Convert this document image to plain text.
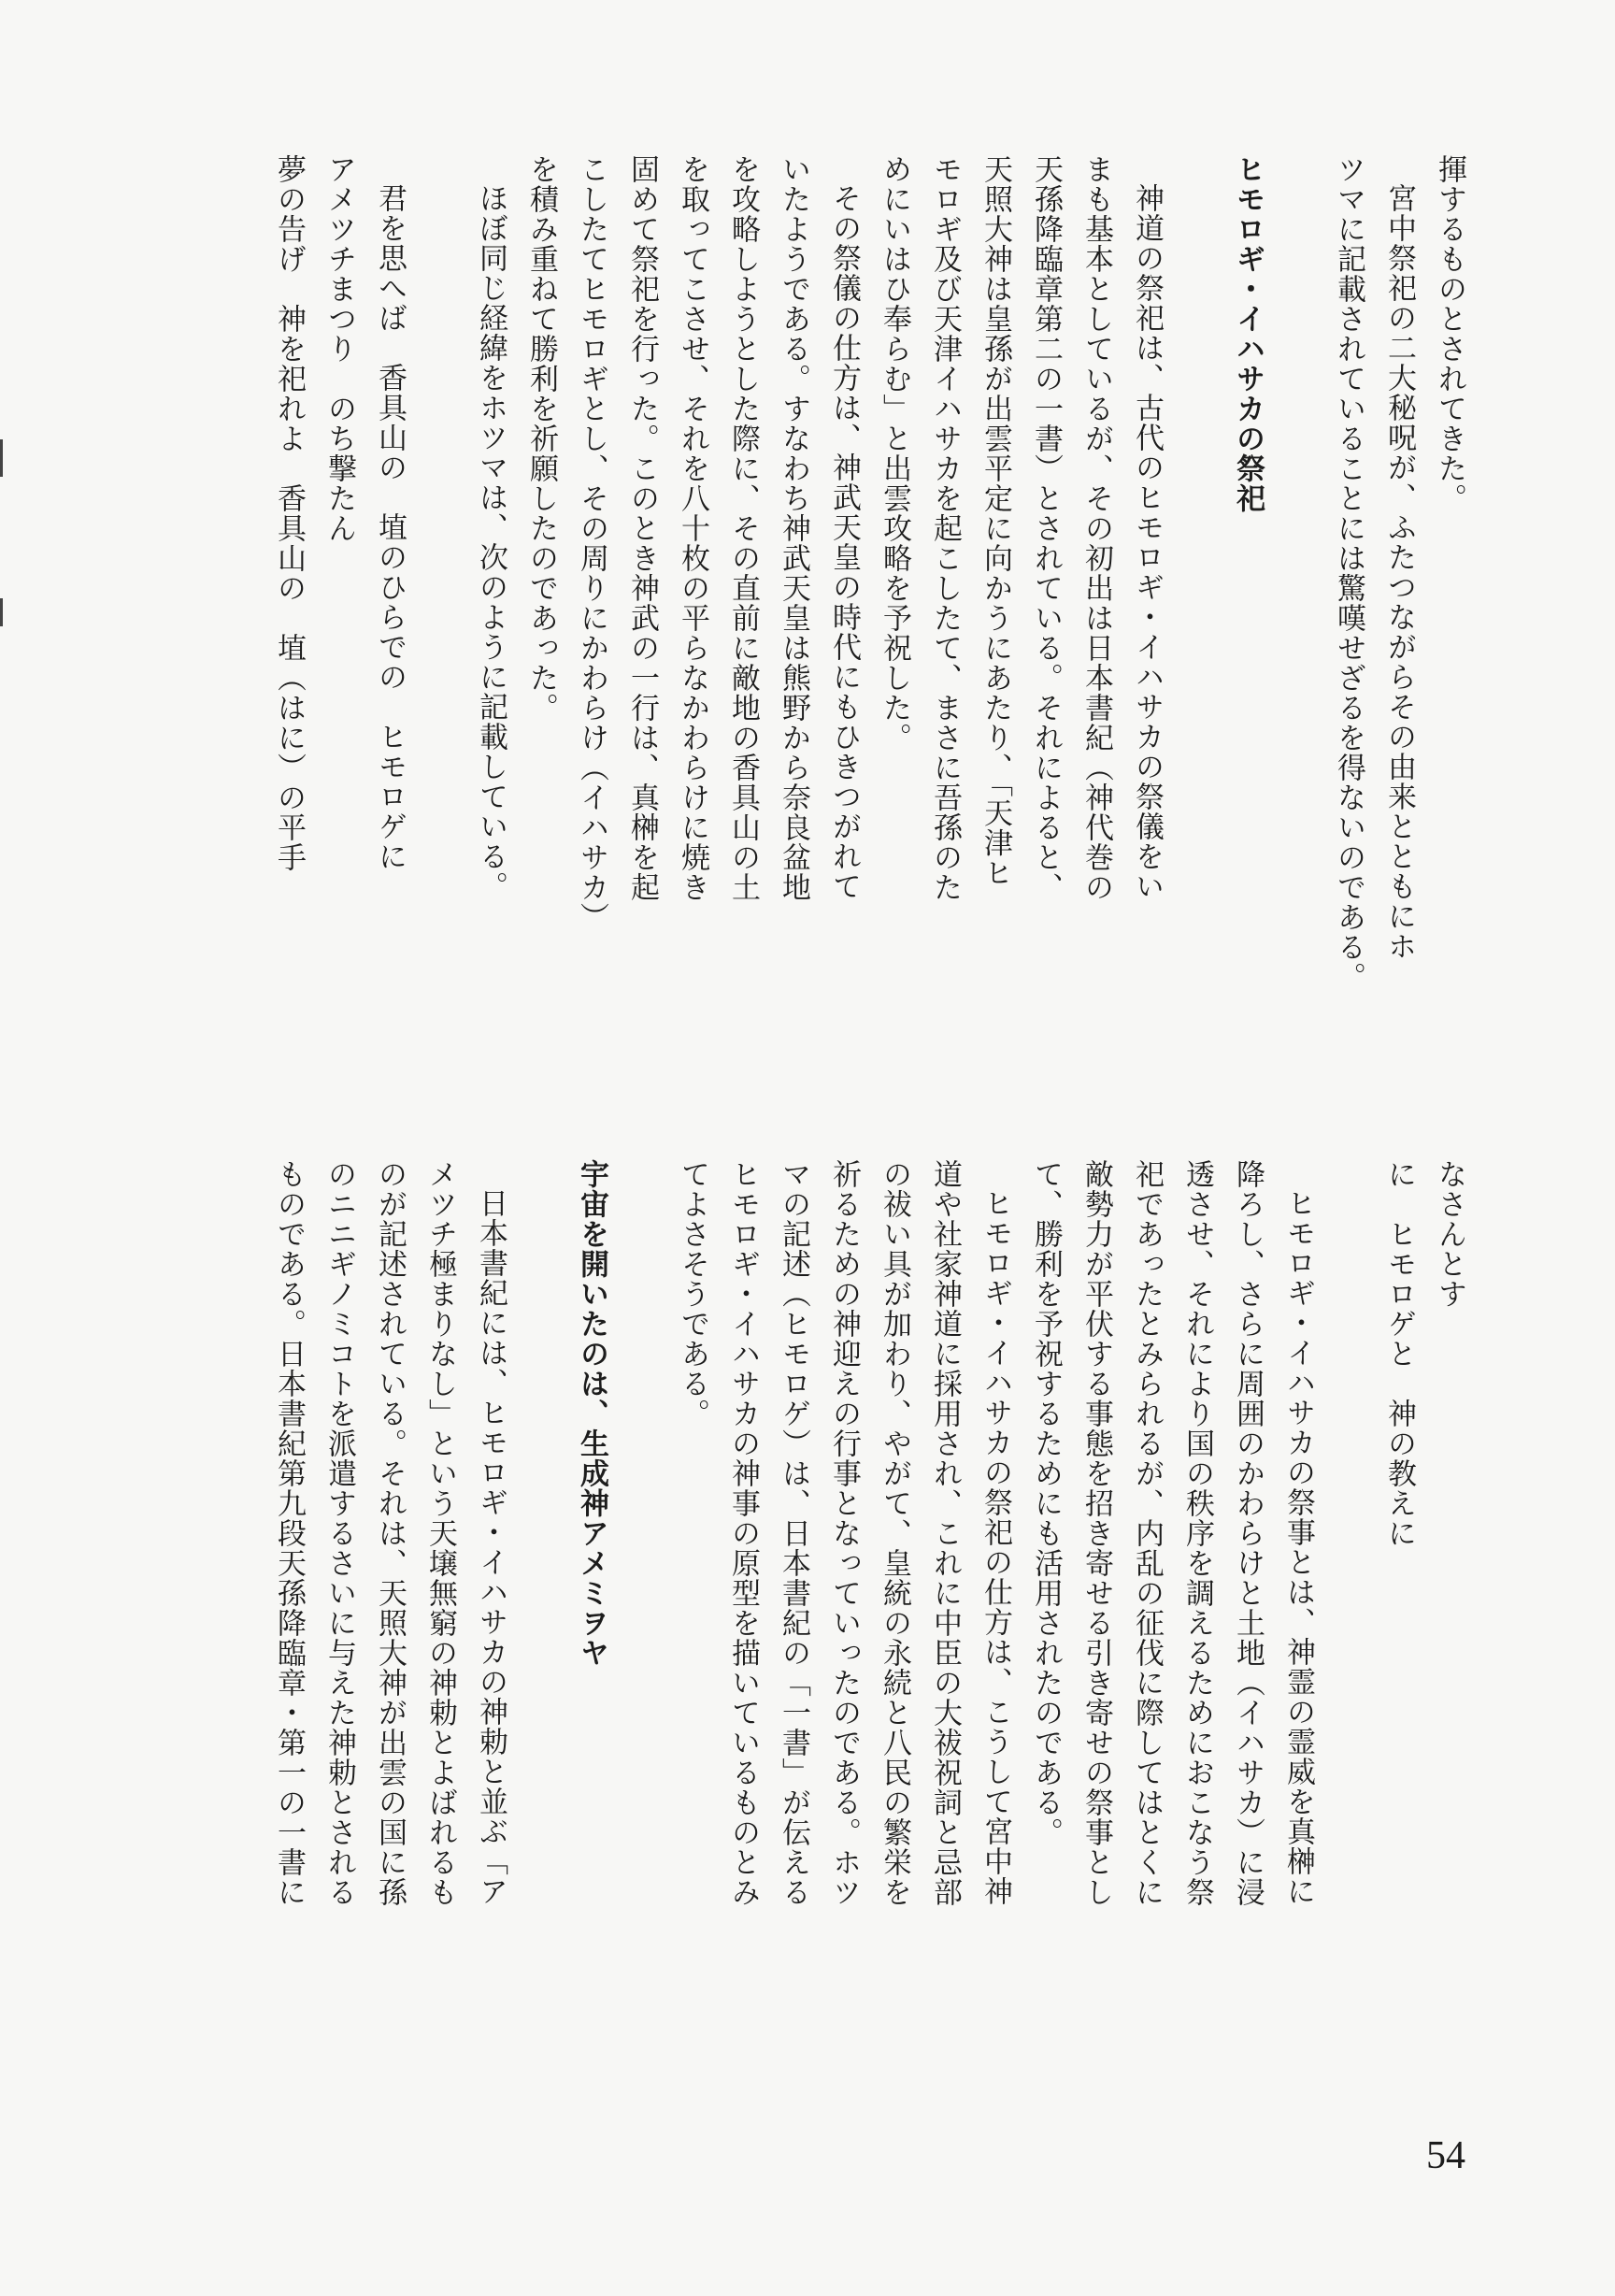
揮するものとされてきた。
宮中祭祀の二大秘呪が、ふたつながらその由来とともにホ
ツマに記載されていることには驚嘆せざるを得ないのである。

ヒモロギ・イハサカの祭祀

神道の祭祀は、古代のヒモロギ・イハサカの祭儀をい
まも基本としているが、その初出は日本書紀（神代巻の
天孫降臨章第二の一書）とされている。それによると、
天照大神は皇孫が出雲平定に向かうにあたり、「天津ヒ
モロギ及び天津イハサカを起こしたて、まさに吾孫のた
めにいはひ奉らむ」と出雲攻略を予祝した。
その祭儀の仕方は、神武天皇の時代にもひきつがれて
いたようである。すなわち神武天皇は熊野から奈良盆地
を攻略しようとした際に、その直前に敵地の香具山の土
を取ってこさせ、それを八十枚の平らなかわらけに焼き
固めて祭祀を行った。このとき神武の一行は、真榊を起
こしたてヒモロギとし、その周りにかわらけ（イハサカ）
を積み重ねて勝利を祈願したのであった。
ほぼ同じ経緯をホツマは、次のように記載している。

君を思へば　香具山の　埴のひらでの　ヒモロゲに
アメツチまつり　のち撃たん
夢の告げ　神を祀れよ　香具山の　埴（はに）の平手
なさんとす
に　ヒモロゲと　神の教えに

ヒモロギ・イハサカの祭事とは、神霊の霊威を真榊に
降ろし、さらに周囲のかわらけと土地（イハサカ）に浸
透させ、それにより国の秩序を調えるためにおこなう祭
祀であったとみられるが、内乱の征伐に際してはとくに
敵勢力が平伏する事態を招き寄せる引き寄せの祭事とし
て、勝利を予祝するためにも活用されたのである。
ヒモロギ・イハサカの祭祀の仕方は、こうして宮中神
道や社家神道に採用され、これに中臣の大祓祝詞と忌部
の祓い具が加わり、やがて、皇統の永続と八民の繁栄を
祈るための神迎えの行事となっていったのである。ホツ
マの記述（ヒモロゲ）は、日本書紀の「一書」が伝える
ヒモロギ・イハサカの神事の原型を描いているものとみ
てよさそうである。

宇宙を開いたのは、生成神アメミヲヤ

日本書紀には、ヒモロギ・イハサカの神勅と並ぶ「ア
メツチ極まりなし」という天壌無窮の神勅とよばれるも
のが記述されている。それは、天照大神が出雲の国に孫
のニニギノミコトを派遣するさいに与えた神勅とされる
ものである。日本書紀第九段天孫降臨章・第一の一書に
54
